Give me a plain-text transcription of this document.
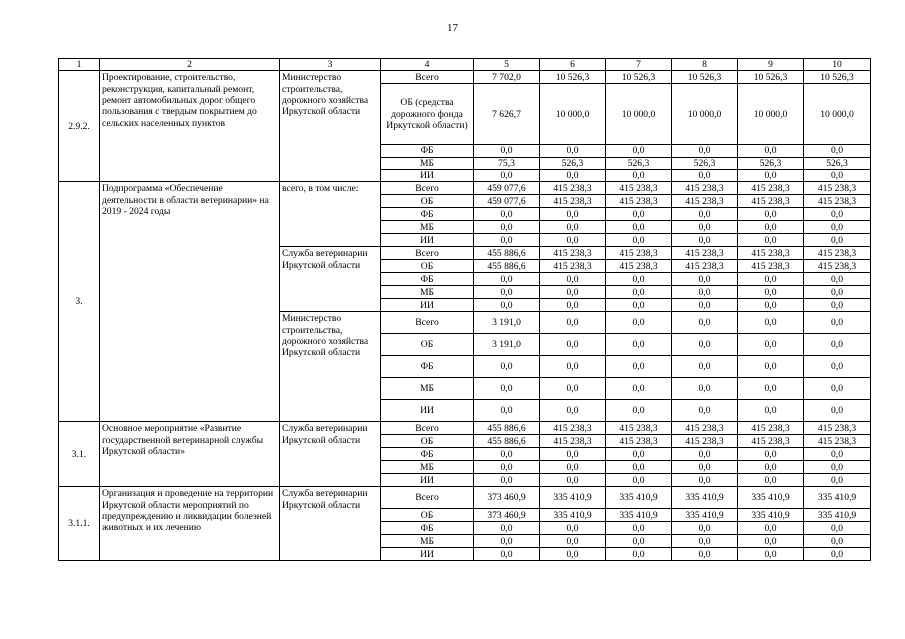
17
1	2	3	4	5	6	7	8	9	10
2.9.2.	Проектирование, строительство, реконструкция, капитальный ремонт, ремонт автомобильных дорог общего пользования с твердым покрытием до сельских населенных пунктов	Министерство строительства, дорожного хозяйства Иркутской области	Всего	7 702,0	10 526,3	10 526,3	10 526,3	10 526,3	10 526,3
			ОБ (средства дорожного фонда Иркутской области)	7 626,7	10 000,0	10 000,0	10 000,0	10 000,0	10 000,0
			ФБ	0,0	0,0	0,0	0,0	0,0	0,0
			МБ	75,3	526,3	526,3	526,3	526,3	526,3
			ИИ	0,0	0,0	0,0	0,0	0,0	0,0
3.	Подпрограмма «Обеспечение деятельности в области ветеринарии» на 2019 - 2024 годы	всего, в том числе:	Всего	459 077,6	415 238,3	415 238,3	415 238,3	415 238,3	415 238,3
			ОБ	459 077,6	415 238,3	415 238,3	415 238,3	415 238,3	415 238,3
			ФБ	0,0	0,0	0,0	0,0	0,0	0,0
			МБ	0,0	0,0	0,0	0,0	0,0	0,0
			ИИ	0,0	0,0	0,0	0,0	0,0	0,0
		Служба ветеринарии Иркутской области	Всего	455 886,6	415 238,3	415 238,3	415 238,3	415 238,3	415 238,3
			ОБ	455 886,6	415 238,3	415 238,3	415 238,3	415 238,3	415 238,3
			ФБ	0,0	0,0	0,0	0,0	0,0	0,0
			МБ	0,0	0,0	0,0	0,0	0,0	0,0
			ИИ	0,0	0,0	0,0	0,0	0,0	0,0
		Министерство строительства, дорожного хозяйства Иркутской области	Всего	3 191,0	0,0	0,0	0,0	0,0	0,0
			ОБ	3 191,0	0,0	0,0	0,0	0,0	0,0
			ФБ	0,0	0,0	0,0	0,0	0,0	0,0
			МБ	0,0	0,0	0,0	0,0	0,0	0,0
			ИИ	0,0	0,0	0,0	0,0	0,0	0,0
3.1.	Основное мероприятие «Развитие государственной ветеринарной службы Иркутской области»	Служба ветеринарии Иркутской области	Всего	455 886,6	415 238,3	415 238,3	415 238,3	415 238,3	415 238,3
			ОБ	455 886,6	415 238,3	415 238,3	415 238,3	415 238,3	415 238,3
			ФБ	0,0	0,0	0,0	0,0	0,0	0,0
			МБ	0,0	0,0	0,0	0,0	0,0	0,0
			ИИ	0,0	0,0	0,0	0,0	0,0	0,0
3.1.1.	Организация и проведение на территории Иркутской области мероприятий по предупреждению и ликвидации болезней животных и их лечению	Служба ветеринарии Иркутской области	Всего	373 460,9	335 410,9	335 410,9	335 410,9	335 410,9	335 410,9
			ОБ	373 460,9	335 410,9	335 410,9	335 410,9	335 410,9	335 410,9
			ФБ	0,0	0,0	0,0	0,0	0,0	0,0
			МБ	0,0	0,0	0,0	0,0	0,0	0,0
			ИИ	0,0	0,0	0,0	0,0	0,0	0,0
